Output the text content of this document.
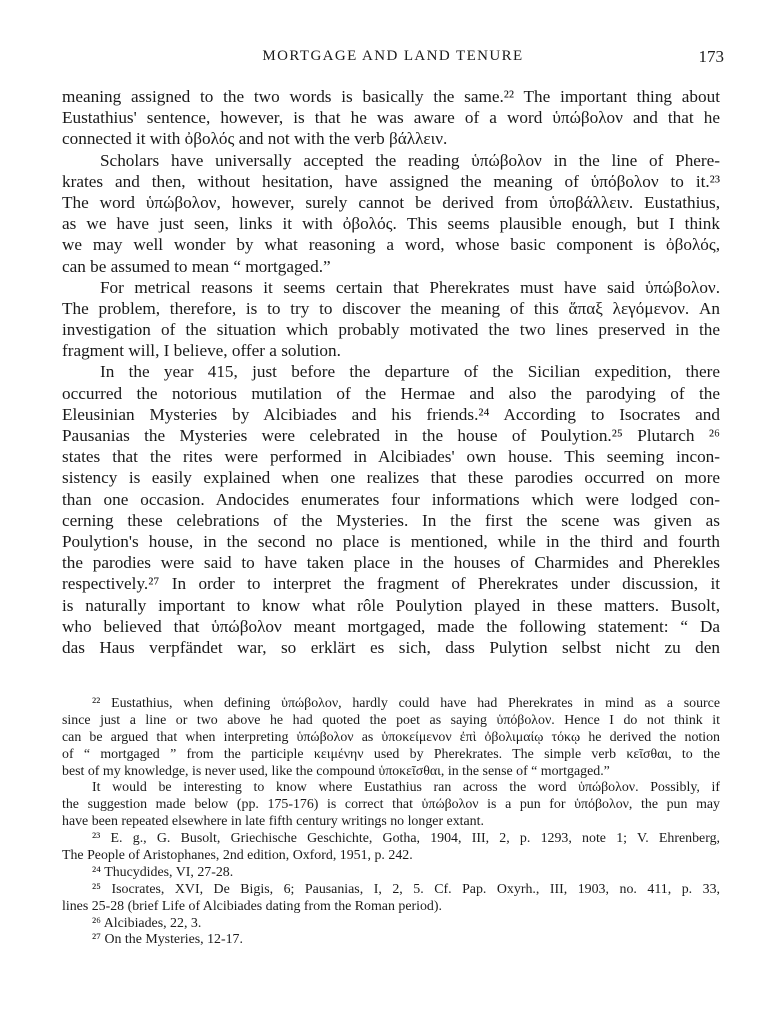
MORTGAGE AND LAND TENURE	173
meaning assigned to the two words is basically the same.²² The important thing about
Eustathius' sentence, however, is that he was aware of a word ὑπώβολον and that he
connected it with ὀβολός and not with the verb βάλλειν.
Scholars have universally accepted the reading ὑπώβολον in the line of Phere-
krates and then, without hesitation, have assigned the meaning of ὑπόβολον to it.²³
The word ὑπώβολον, however, surely cannot be derived from ὑποβάλλειν. Eustathius,
as we have just seen, links it with ὀβολός. This seems plausible enough, but I think
we may well wonder by what reasoning a word, whose basic component is ὀβολός,
can be assumed to mean “ mortgaged.”
For metrical reasons it seems certain that Pherekrates must have said ὑπώβολον.
The problem, therefore, is to try to discover the meaning of this ἅπαξ λεγόμενον. An
investigation of the situation which probably motivated the two lines preserved in the
fragment will, I believe, offer a solution.
In the year 415, just before the departure of the Sicilian expedition, there
occurred the notorious mutilation of the Hermae and also the parodying of the
Eleusinian Mysteries by Alcibiades and his friends.²⁴ According to Isocrates and
Pausanias the Mysteries were celebrated in the house of Poulytion.²⁵ Plutarch ²⁶
states that the rites were performed in Alcibiades' own house. This seeming incon-
sistency is easily explained when one realizes that these parodies occurred on more
than one occasion. Andocides enumerates four informations which were lodged con-
cerning these celebrations of the Mysteries. In the first the scene was given as
Poulytion's house, in the second no place is mentioned, while in the third and fourth
the parodies were said to have taken place in the houses of Charmides and Pherekles
respectively.²⁷ In order to interpret the fragment of Pherekrates under discussion, it
is naturally important to know what rôle Poulytion played in these matters. Busolt,
who believed that ὑπώβολον meant mortgaged, made the following statement: “ Da
das Haus verpfändet war, so erklärt es sich, dass Pulytion selbst nicht zu den
²² Eustathius, when defining ὑπώβολον, hardly could have had Pherekrates in mind as a source
since just a line or two above he had quoted the poet as saying ὑπόβολον. Hence I do not think it
can be argued that when interpreting ὑπώβολον as ὑποκείμενον ἐπὶ ὀβολιμαίῳ τόκῳ he derived the notion
of “ mortgaged ” from the participle κειμένην used by Pherekrates. The simple verb κεῖσθαι, to the
best of my knowledge, is never used, like the compound ὑποκεῖσθαι, in the sense of “ mortgaged.”
It would be interesting to know where Eustathius ran across the word ὑπώβολον. Possibly, if
the suggestion made below (pp. 175-176) is correct that ὑπώβολον is a pun for ὑπόβολον, the pun may
have been repeated elsewhere in late fifth century writings no longer extant.
²³ E. g., G. Busolt, Griechische Geschichte, Gotha, 1904, III, 2, p. 1293, note 1; V. Ehrenberg,
The People of Aristophanes, 2nd edition, Oxford, 1951, p. 242.
²⁴ Thucydides, VI, 27-28.
²⁵ Isocrates, XVI, De Bigis, 6; Pausanias, I, 2, 5. Cf. Pap. Oxyrh., III, 1903, no. 411, p. 33,
lines 25-28 (brief Life of Alcibiades dating from the Roman period).
²⁶ Alcibiades, 22, 3.
²⁷ On the Mysteries, 12-17.
